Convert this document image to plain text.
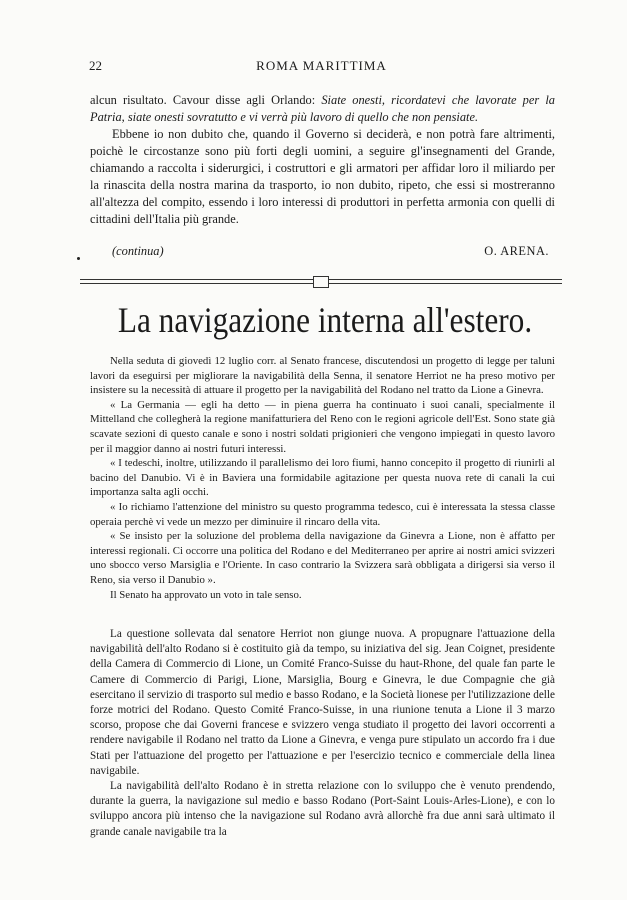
22	ROMA MARITTIMA

alcun risultato. Cavour disse agli Orlando: Siate onesti, ricordatevi che lavorate per la Patria, siate onesti sovratutto e vi verrà più lavoro di quello che non pensiate.

Ebbene io non dubito che, quando il Governo si deciderà, e non potrà fare altrimenti, poichè le circostanze sono più forti degli uomini, a seguire gl'insegnamenti del Grande, chiamando a raccolta i siderurgici, i costruttori e gli armatori per affidar loro il miliardo per la rinascita della nostra marina da trasporto, io non dubito, ripeto, che essi si mostreranno all'altezza del compito, essendo i loro interessi di produttori in perfetta armonia con quelli di cittadini dell'Italia più grande.

(continua)	O. ARENA.
La navigazione interna all'estero.

Nella seduta di giovedì 12 luglio corr. al Senato francese, discutendosi un progetto di legge per taluni lavori da eseguirsi per migliorare la navigabilità della Senna, il senatore Herriot ne ha preso motivo per insistere su la necessità di attuare il progetto per la navigabilità del Rodano nel tratto da Lione a Ginevra.

« La Germania — egli ha detto — in piena guerra ha continuato i suoi canali, specialmente il Mittelland che collegherà la regione manifatturiera del Reno con le regioni agricole dell'Est. Sono state già scavate sezioni di questo canale e sono i nostri soldati prigionieri che vengono impiegati in questo lavoro per il maggior danno ai nostri futuri interessi.

« I tedeschi, inoltre, utilizzando il parallelismo dei loro fiumi, hanno concepito il progetto di riunirli al bacino del Danubio. Vi è in Baviera una formidabile agitazione per questa nuova rete di canali la cui importanza salta agli occhi.

« Io richiamo l'attenzione del ministro su questo programma tedesco, cui è interessata la stessa classe operaia perchè vi vede un mezzo per diminuire il rincaro della vita.

« Se insisto per la soluzione del problema della navigazione da Ginevra a Lione, non è affatto per interessi regionali. Ci occorre una politica del Rodano e del Mediterraneo per aprire ai nostri amici svizzeri uno sbocco verso Marsiglia e l'Oriente. In caso contrario la Svizzera sarà obbligata a dirigersi sia verso il Reno, sia verso il Danubio ».

Il Senato ha approvato un voto in tale senso.

La questione sollevata dal senatore Herriot non giunge nuova. A propugnare l'attuazione della navigabilità dell'alto Rodano si è costituito già da tempo, su iniziativa del sig. Jean Coignet, presidente della Camera di Commercio di Lione, un Comité Franco-Suisse du haut-Rhone, del quale fan parte le Camere di Commercio di Parigi, Lione, Marsiglia, Bourg e Ginevra, le due Compagnie che già esercitano il servizio di trasporto sul medio e basso Rodano, e la Società lionese per l'utilizzazione delle forze motrici del Rodano. Questo Comité Franco-Suisse, in una riunione tenuta a Lione il 3 marzo scorso, propose che dai Governi francese e svizzero venga studiato il progetto dei lavori occorrenti a rendere navigabile il Rodano nel tratto da Lione a Ginevra, e venga pure stipulato un accordo fra i due Stati per l'attuazione del progetto per l'attuazione e per l'esercizio tecnico e commerciale della linea navigabile.

La navigabilità dell'alto Rodano è in stretta relazione con lo sviluppo che è venuto prendendo, durante la guerra, la navigazione sul medio e basso Rodano (Port-Saint Louis-Arles-Lione), e con lo sviluppo ancora più intenso che la navigazione sul Rodano avrà allorchè fra due anni sarà ultimato il grande canale navigabile tra la
